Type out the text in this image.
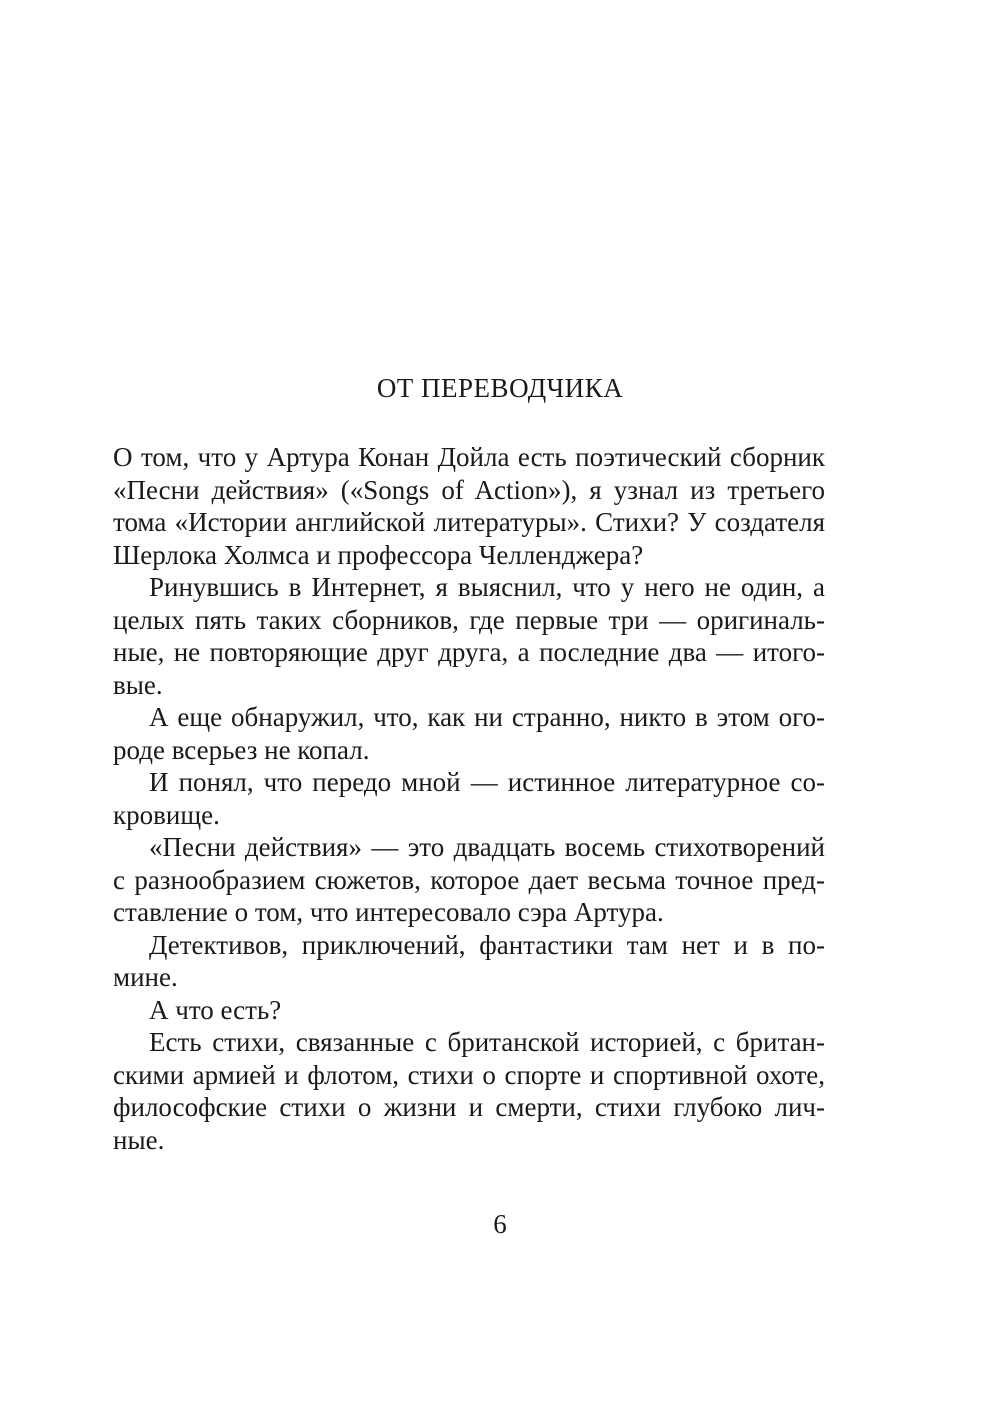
ОТ ПЕРЕВОДЧИКА
О том, что у Артура Конан Дойла есть поэтический сборник
«Песни действия» («Songs of Action»), я узнал из третьего
тома «Истории английской литературы». Стихи? У создателя
Шерлока Холмса и профессора Челленджера?
Ринувшись в Интернет, я выяснил, что у него не один, а
целых пять таких сборников, где первые три — оригиналь-
ные, не повторяющие друг друга, а последние два — итого-
вые.
А еще обнаружил, что, как ни странно, никто в этом ого-
роде всерьез не копал.
И понял, что передо мной — истинное литературное со-
кровище.
«Песни действия» — это двадцать восемь стихотворений
с разнообразием сюжетов, которое дает весьма точное пред-
ставление о том, что интересовало сэра Артура.
Детективов, приключений, фантастики там нет и в по-
мине.
А что есть?
Есть стихи, связанные с британской историей, с британ-
скими армией и флотом, стихи о спорте и спортивной охоте,
философские стихи о жизни и смерти, стихи глубоко лич-
ные.
6
